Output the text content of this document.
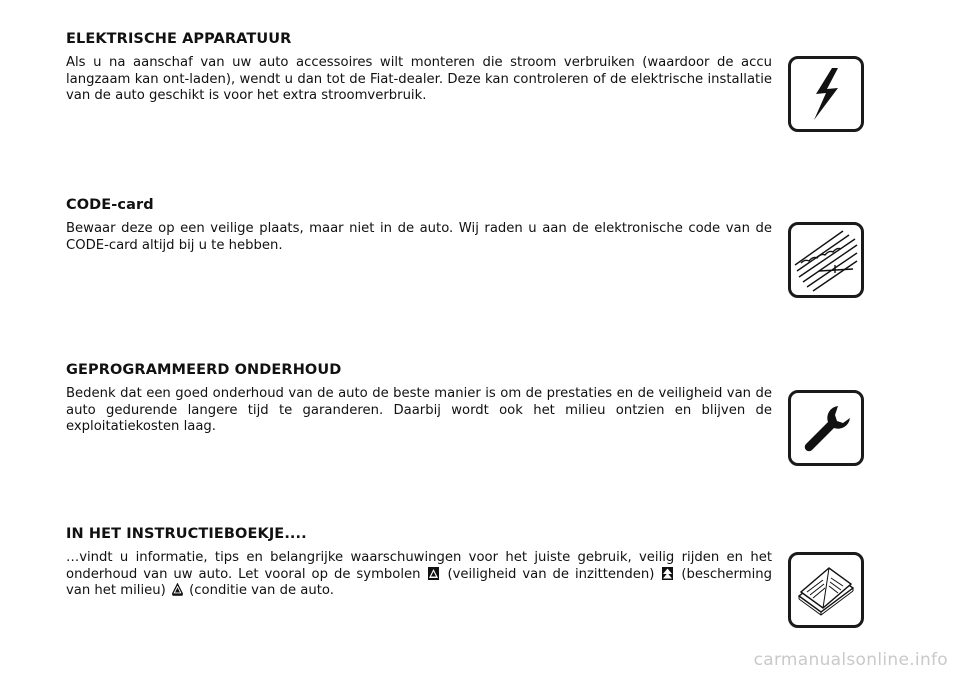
ELEKTRISCHE APPARATUUR

Als u na aanschaf van uw auto accessoires wilt monteren die stroom verbruiken (waardoor de accu langzaam kan ont-laden), wendt u dan tot de Fiat-dealer. Deze kan controleren of de elektrische installatie van de auto geschikt is voor het extra stroomverbruik.

CODE-card

Bewaar deze op een veilige plaats, maar niet in de auto. Wij raden u aan de elektronische code van de CODE-card altijd bij u te hebben.

GEPROGRAMMEERD ONDERHOUD

Bedenk dat een goed onderhoud van de auto de beste manier is om de prestaties en de veiligheid van de auto gedurende langere tijd te garanderen. Daarbij wordt ook het milieu ontzien en blijven de exploitatiekosten laag.

IN HET INSTRUCTIEBOEKJE....

…vindt u informatie, tips en belangrijke waarschuwingen voor het juiste gebruik, veilig rijden en het onderhoud van uw auto. Let vooral op de symbolen (veiligheid van de inzittenden) (bescherming van het milieu) (conditie van de auto.

carmanualsonline.info
